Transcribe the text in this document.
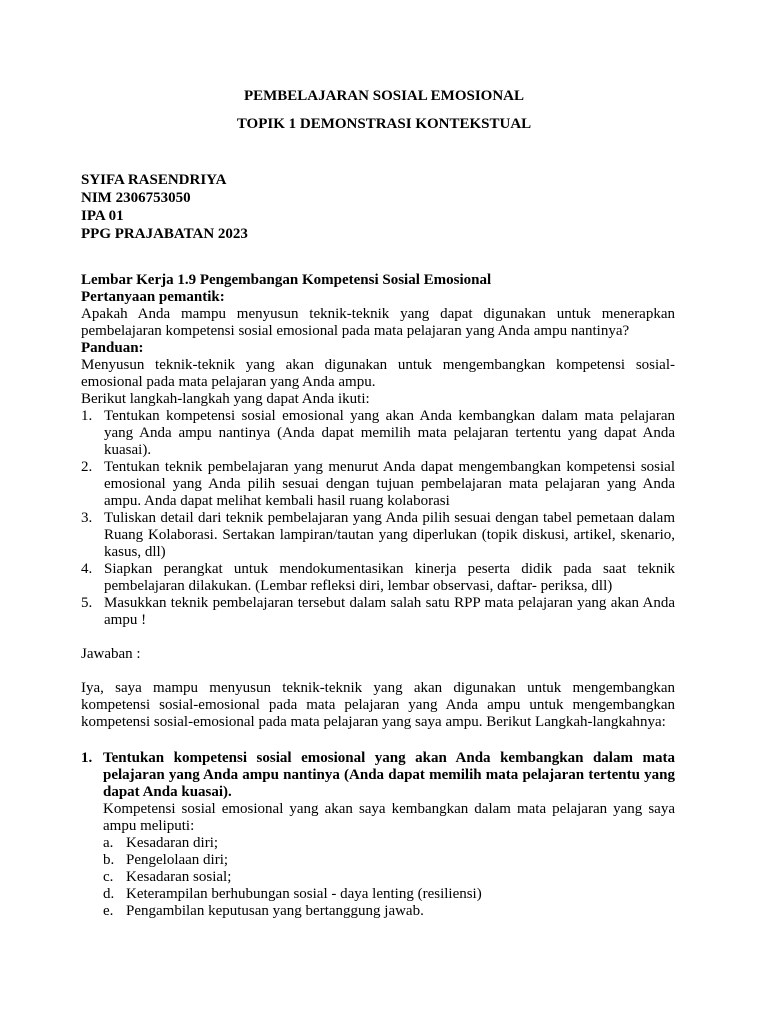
PEMBELAJARAN SOSIAL EMOSIONAL
TOPIK 1 DEMONSTRASI KONTEKSTUAL
SYIFA RASENDRIYA
NIM 2306753050
IPA 01
PPG PRAJABATAN 2023
Lembar Kerja 1.9 Pengembangan Kompetensi Sosial Emosional
Pertanyaan pemantik:
Apakah Anda mampu menyusun teknik-teknik yang dapat digunakan untuk menerapkan pembelajaran kompetensi sosial emosional pada mata pelajaran yang Anda ampu nantinya?
Panduan:
Menyusun teknik-teknik yang akan digunakan untuk mengembangkan kompetensi sosial-emosional pada mata pelajaran yang Anda ampu.
Berikut langkah-langkah yang dapat Anda ikuti:
1. Tentukan kompetensi sosial emosional yang akan Anda kembangkan dalam mata pelajaran yang Anda ampu nantinya (Anda dapat memilih mata pelajaran tertentu yang dapat Anda kuasai).
2. Tentukan teknik pembelajaran yang menurut Anda dapat mengembangkan kompetensi sosial emosional yang Anda pilih sesuai dengan tujuan pembelajaran mata pelajaran yang Anda ampu. Anda dapat melihat kembali hasil ruang kolaborasi
3. Tuliskan detail dari teknik pembelajaran yang Anda pilih sesuai dengan tabel pemetaan dalam Ruang Kolaborasi. Sertakan lampiran/tautan yang diperlukan (topik diskusi, artikel, skenario, kasus, dll)
4. Siapkan perangkat untuk mendokumentasikan kinerja peserta didik pada saat teknik pembelajaran dilakukan. (Lembar refleksi diri, lembar observasi, daftar- periksa, dll)
5. Masukkan teknik pembelajaran tersebut dalam salah satu RPP mata pelajaran yang akan Anda ampu !
Jawaban :
Iya, saya mampu menyusun teknik-teknik yang akan digunakan untuk mengembangkan kompetensi sosial-emosional pada mata pelajaran yang Anda ampu untuk mengembangkan kompetensi sosial-emosional pada mata pelajaran yang saya ampu. Berikut Langkah-langkahnya:
1. Tentukan kompetensi sosial emosional yang akan Anda kembangkan dalam mata pelajaran yang Anda ampu nantinya (Anda dapat memilih mata pelajaran tertentu yang dapat Anda kuasai).
Kompetensi sosial emosional yang akan saya kembangkan dalam mata pelajaran yang saya ampu meliputi:
a. Kesadaran diri;
b. Pengelolaan diri;
c. Kesadaran sosial;
d. Keterampilan berhubungan sosial - daya lenting (resiliensi)
e. Pengambilan keputusan yang bertanggung jawab.
